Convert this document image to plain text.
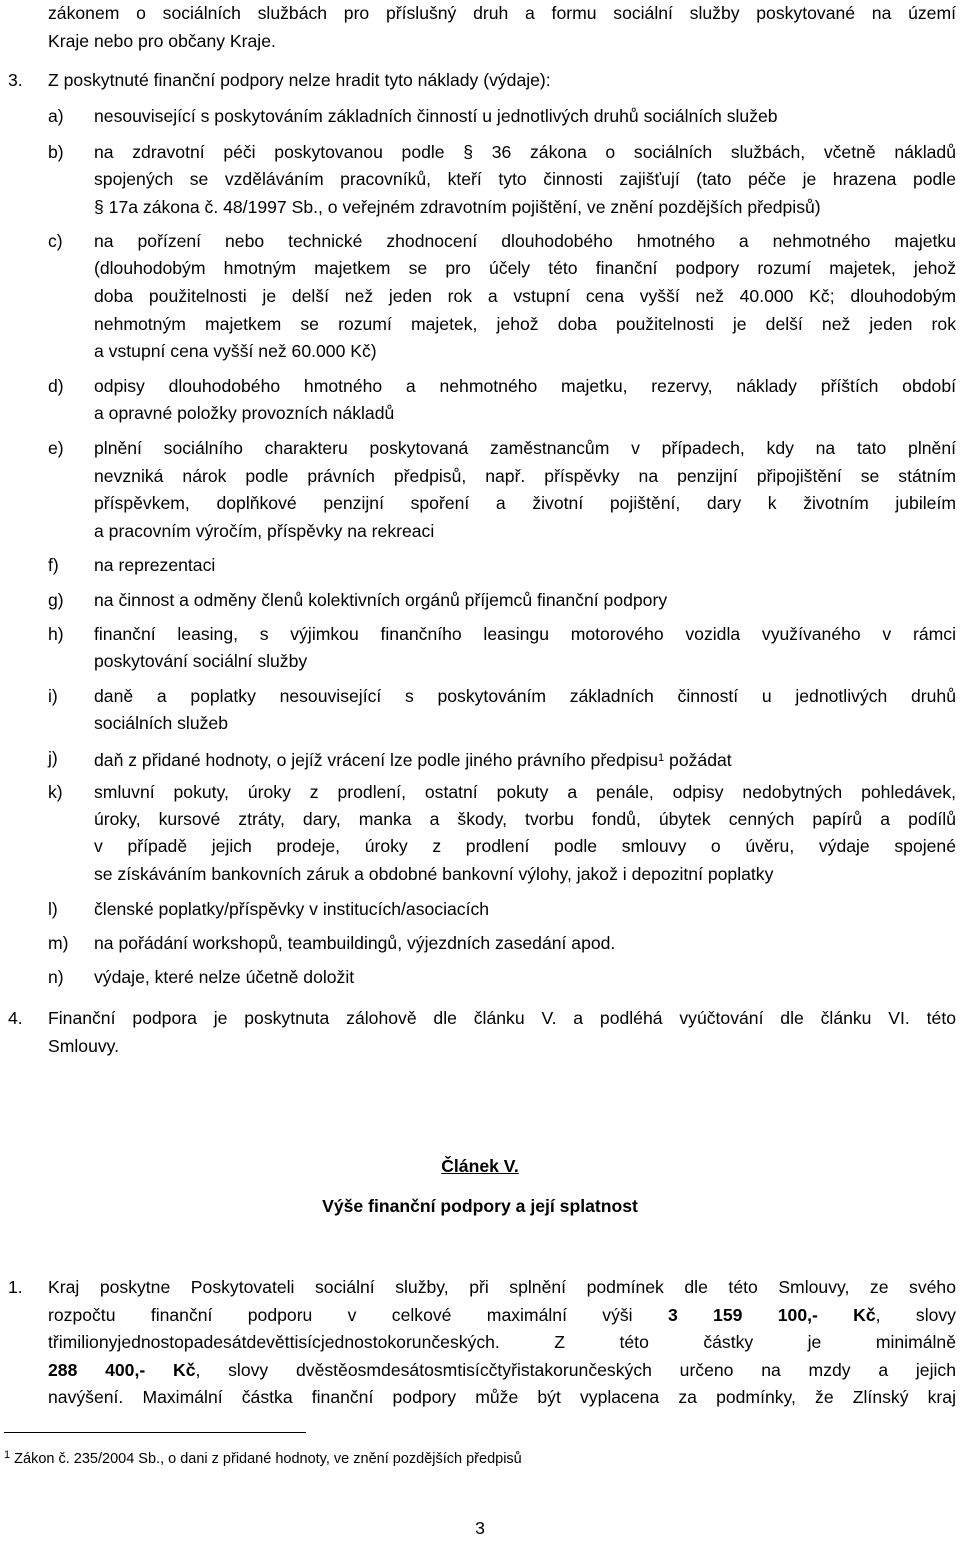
zákonem o sociálních službách pro příslušný druh a formu sociální služby poskytované na území
Kraje nebo pro občany Kraje.
3.	Z poskytnuté finanční podpory nelze hradit tyto náklady (výdaje):
a)	nesouvisející s poskytováním základních činností u jednotlivých druhů sociálních služeb
b)	na zdravotní péči poskytovanou podle § 36 zákona o sociálních službách, včetně nákladů
spojených se vzděláváním pracovníků, kteří tyto činnosti zajišťují (tato péče je hrazena podle
§ 17a zákona č. 48/1997 Sb., o veřejném zdravotním pojištění, ve znění pozdějších předpisů)
c)	na pořízení nebo technické zhodnocení dlouhodobého hmotného a nehmotného majetku
(dlouhodobým hmotným majetkem se pro účely této finanční podpory rozumí majetek, jehož
doba použitelnosti je delší než jeden rok a vstupní cena vyšší než 40.000 Kč; dlouhodobým
nehmotným majetkem se rozumí majetek, jehož doba použitelnosti je delší než jeden rok
a vstupní cena vyšší než 60.000 Kč)
d)	odpisy dlouhodobého hmotného a nehmotného majetku, rezervy, náklady příštích období
a opravné položky provozních nákladů
e)	plnění sociálního charakteru poskytovaná zaměstnancům v případech, kdy na tato plnění
nevzniká nárok podle právních předpisů, např. příspěvky na penzijní připojištění se státním
příspěvkem, doplňkové penzijní spoření a životní pojištění, dary k životním jubileím
a pracovním výročím, příspěvky na rekreaci
f)	na reprezentaci
g)	na činnost a odměny členů kolektivních orgánů příjemců finanční podpory
h)	finanční leasing, s výjimkou finančního leasingu motorového vozidla využívaného v rámci
poskytování sociální služby
i)	daně a poplatky nesouvisející s poskytováním základních činností u jednotlivých druhů
sociálních služeb
j)	daň z přidané hodnoty, o jejíž vrácení lze podle jiného právního předpisu$^1$ požádat
k)	smluvní pokuty, úroky z prodlení, ostatní pokuty a penále, odpisy nedobytných pohledávek,
úroky, kursové ztráty, dary, manka a škody, tvorbu fondů, úbytek cenných papírů a podílů
v případě jejich prodeje, úroky z prodlení podle smlouvy o úvěru, výdaje spojené
se získáváním bankovních záruk a obdobné bankovní výlohy, jakož i depozitní poplatky
l)	členské poplatky/příspěvky v institucích/asociacích
m)	na pořádání workshopů, teambuildingů, výjezdních zasedání apod.
n)	výdaje, které nelze účetně doložit
4.	Finanční podpora je poskytnuta zálohově dle článku V. a podléhá vyúčtování dle článku VI. této
Smlouvy.
Článek V.
Výše finanční podpory a její splatnost
1.	Kraj poskytne Poskytovateli sociální služby, při splnění podmínek dle této Smlouvy, ze svého
rozpočtu finanční podporu v celkové maximální výši 3 159 100,- Kč, slovy
třimilionyjednostopadesátdevěttisícjednostokorunčeských. Z této částky je minimálně
288 400,- Kč, slovy dvěstěosmdesátosmtisícčtyřistakorunčeských určeno na mzdy a jejich
navýšení. Maximální částka finanční podpory může být vyplacena za podmínky, že Zlínský kraj
$^1$ Zákon č. 235/2004 Sb., o dani z přidané hodnoty, ve znění pozdějších předpisů
3
